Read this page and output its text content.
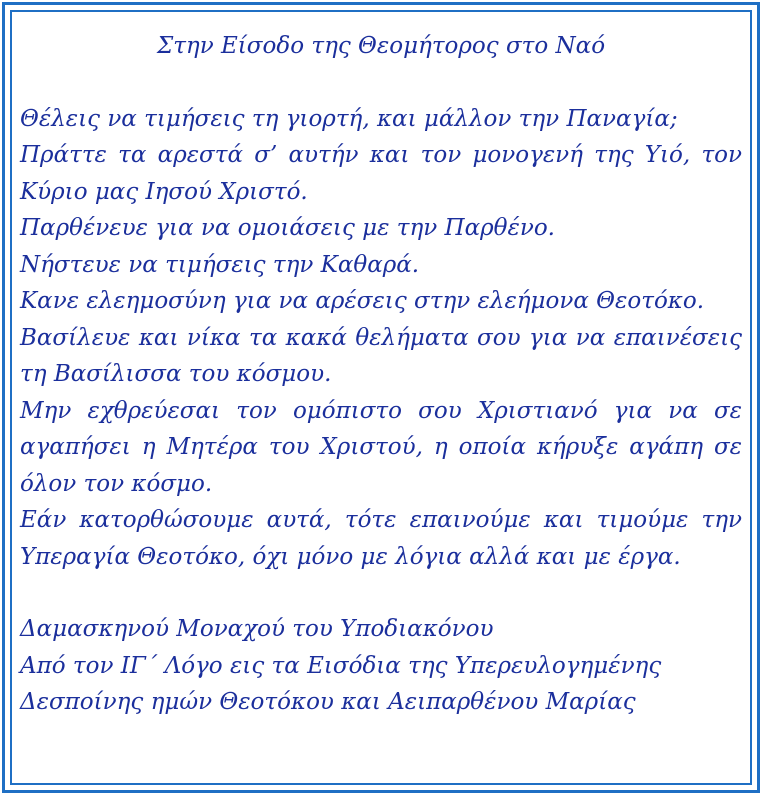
Στην Είσοδο της Θεομήτορος στο Ναό

Θέλεις να τιμήσεις τη γιορτή, και μάλλον την Παναγία;

Πράττε τα αρεστά σ’ αυτήν και τον μονογενή της Υιό, τον Κύριο μας Ιησού Χριστό.

Παρθένευε για να ομοιάσεις με την Παρθένο.

Νήστευε να τιμήσεις την Καθαρά.

Κανε ελεημοσύνη για να αρέσεις στην ελεήμονα Θεοτόκο.

Βασίλευε και νίκα τα κακά θελήματα σου για να επαινέσεις τη Βασίλισσα του κόσμου.

Μην εχθρεύεσαι τον ομόπιστο σου Χριστιανό για να σε αγαπήσει η Μητέρα του Χριστού, η οποία κήρυξε αγάπη σε όλον τον κόσμο.

Εάν κατορθώσουμε αυτά, τότε επαινούμε και τιμούμε την Υπεραγία Θεοτόκο, όχι μόνο με λόγια αλλά και με έργα.

Δαμασκηνού Μοναχού του Υποδιακόνου

Από τον ΙΓ΄ Λόγο εις τα Εισόδια της Υπερευλογημένης Δεσποίνης ημών Θεοτόκου και Αειπαρθένου Μαρίας
